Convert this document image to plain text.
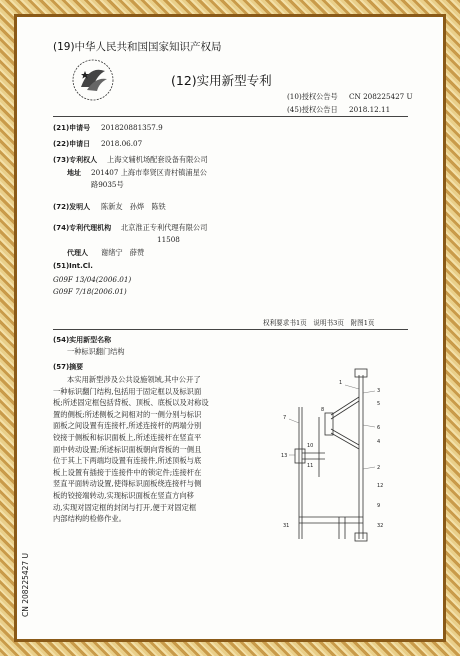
(19)中华人民共和国国家知识产权局
(12)实用新型专利
(10)授权公告号 CN 208225427 U
(45)授权公告日 2018.12.11
(21)申请号 201820881357.9
(22)申请日 2018.06.07
(73)专利权人 上海文辅机场配套设备有限公司
地址 201407 上海市奉贤区青村镇浦星公
路9035号
(72)发明人 陈新友　孙烨　陈铁
(74)专利代理机构 北京淮正专利代理有限公司
11508
代理人 谢绪宁　薛赞
(51)Int.Cl.
G09F 13/04(2006.01)
G09F 7/18(2006.01)
权利要求书1页　说明书3页　附图1页
(54)实用新型名称
一种标识翻门结构
(57)摘要

本实用新型涉及公共设施领域,其中公开了

一种标识翻门结构,包括用于固定框以及标识面

板;所述固定框包括背板、顶板、底板以及对称设

置的侧板;所述侧板之间相对的一侧分别与标识

面板之间设置有连接杆,所述连接杆的两端分别

铰接于侧板和标识面板上,所述连接杆在竖直平

面中转动设置;所述标识面板朝向背板的一侧且

位于其上下两端均设置有连接件,所述顶板与底

板上设置有插接于连接件中的锁定件;连接杆在

竖直平面转动设置,使得标识面板绕连接杆与侧

板的铰接端转动,实现标识面板在竖直方向移

动,实现对固定框的封闭与打开,便于对固定框

内部结构的检修作业。

1
3
5
7
8
6
4
2
13
10
11
12
9
31	32
CN 208225427 U
